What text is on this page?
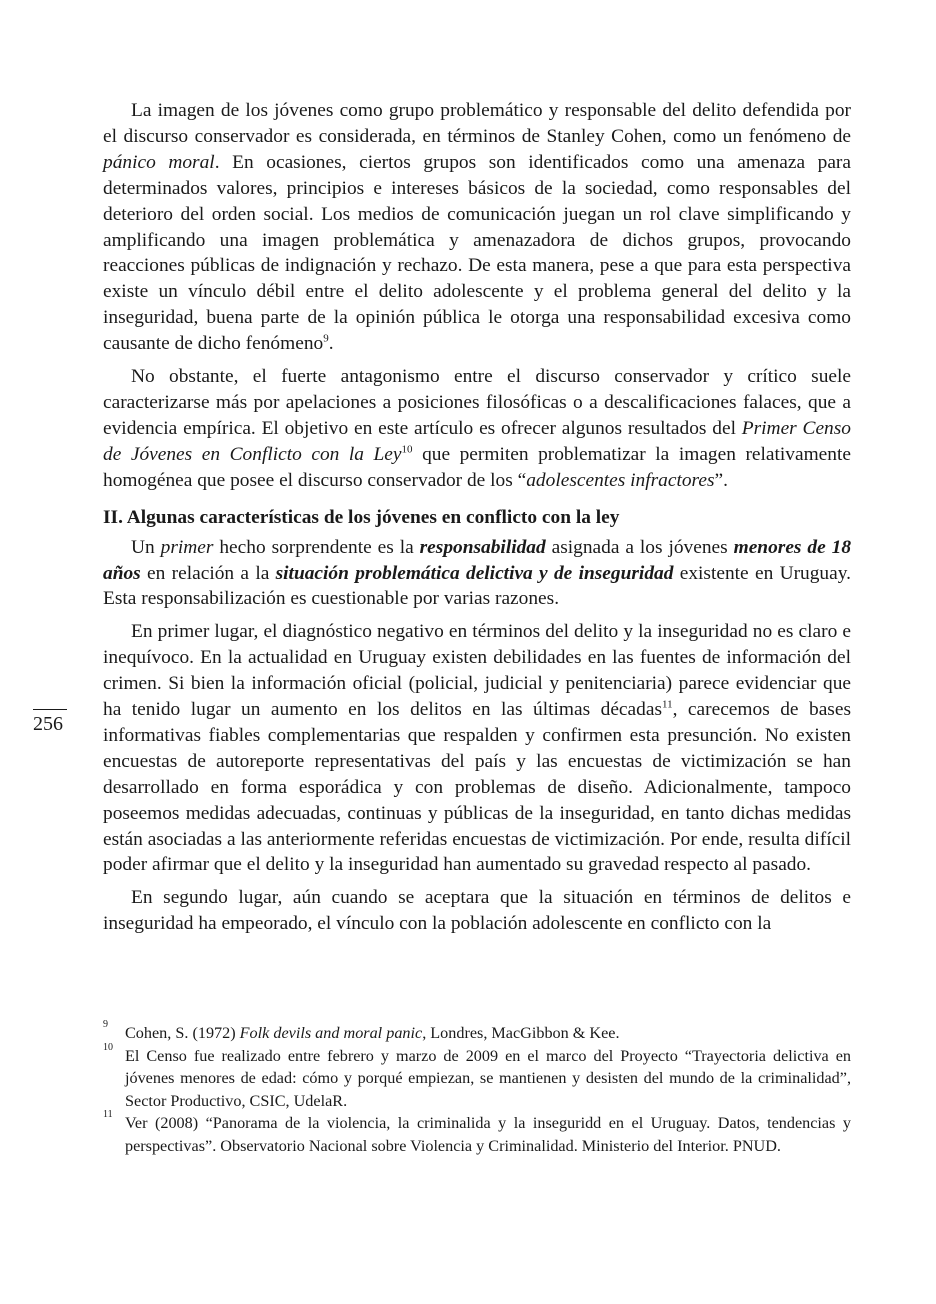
La imagen de los jóvenes como grupo problemático y responsable del delito defendida por el discurso conservador es considerada, en términos de Stanley Cohen, como un fenómeno de pánico moral. En ocasiones, ciertos grupos son identificados como una amenaza para determinados valores, principios e intereses básicos de la sociedad, como responsables del deterioro del orden social. Los medios de comunicación juegan un rol clave simplificando y amplificando una imagen problemática y amenazadora de dichos grupos, provocando reacciones públicas de indignación y rechazo. De esta manera, pese a que para esta perspectiva existe un vínculo débil entre el delito adolescente y el problema general del delito y la inseguridad, buena parte de la opinión pública le otorga una responsabilidad excesiva como causante de dicho fenómeno$^9$.

No obstante, el fuerte antagonismo entre el discurso conservador y crítico suele caracterizarse más por apelaciones a posiciones filosóficas o a descalificaciones falaces, que a evidencia empírica. El objetivo en este artículo es ofrecer algunos resultados del Primer Censo de Jóvenes en Conflicto con la Ley$^{10}$ que permiten problematizar la imagen relativamente homogénea que posee el discurso conservador de los “adolescentes infractores”.

II. Algunas características de los jóvenes en conflicto con la ley

Un primer hecho sorprendente es la responsabilidad asignada a los jóvenes menores de 18 años en relación a la situación problemática delictiva y de inseguridad existente en Uruguay. Esta responsabilización es cuestionable por varias razones.

En primer lugar, el diagnóstico negativo en términos del delito y la inseguridad no es claro e inequívoco. En la actualidad en Uruguay existen debilidades en las fuentes de información del crimen. Si bien la información oficial (policial, judicial y penitenciaria) parece evidenciar que ha tenido lugar un aumento en los delitos en las últimas décadas$^{11}$, carecemos de bases informativas fiables complementarias que respalden y confirmen esta presunción. No existen encuestas de autoreporte representativas del país y las encuestas de victimización se han desarrollado en forma esporádica y con problemas de diseño. Adicionalmente, tampoco poseemos medidas adecuadas, continuas y públicas de la inseguridad, en tanto dichas medidas están asociadas a las anteriormente referidas encuestas de victimización. Por ende, resulta difícil poder afirmar que el delito y la inseguridad han aumentado su gravedad respecto al pasado.

En segundo lugar, aún cuando se aceptara que la situación en términos de delitos e inseguridad ha empeorado, el vínculo con la población adolescente en conflicto con la

256

9 Cohen, S. (1972) Folk devils and moral panic, Londres, MacGibbon & Kee.

10 El Censo fue realizado entre febrero y marzo de 2009 en el marco del Proyecto “Trayectoria delictiva en jóvenes menores de edad: cómo y porqué empiezan, se mantienen y desisten del mundo de la criminalidad”, Sector Productivo, CSIC, UdelaR.

11 Ver (2008) “Panorama de la violencia, la criminalida y la inseguridd en el Uruguay. Datos, tendencias y perspectivas”. Observatorio Nacional sobre Violencia y Criminalidad. Ministerio del Interior. PNUD.
